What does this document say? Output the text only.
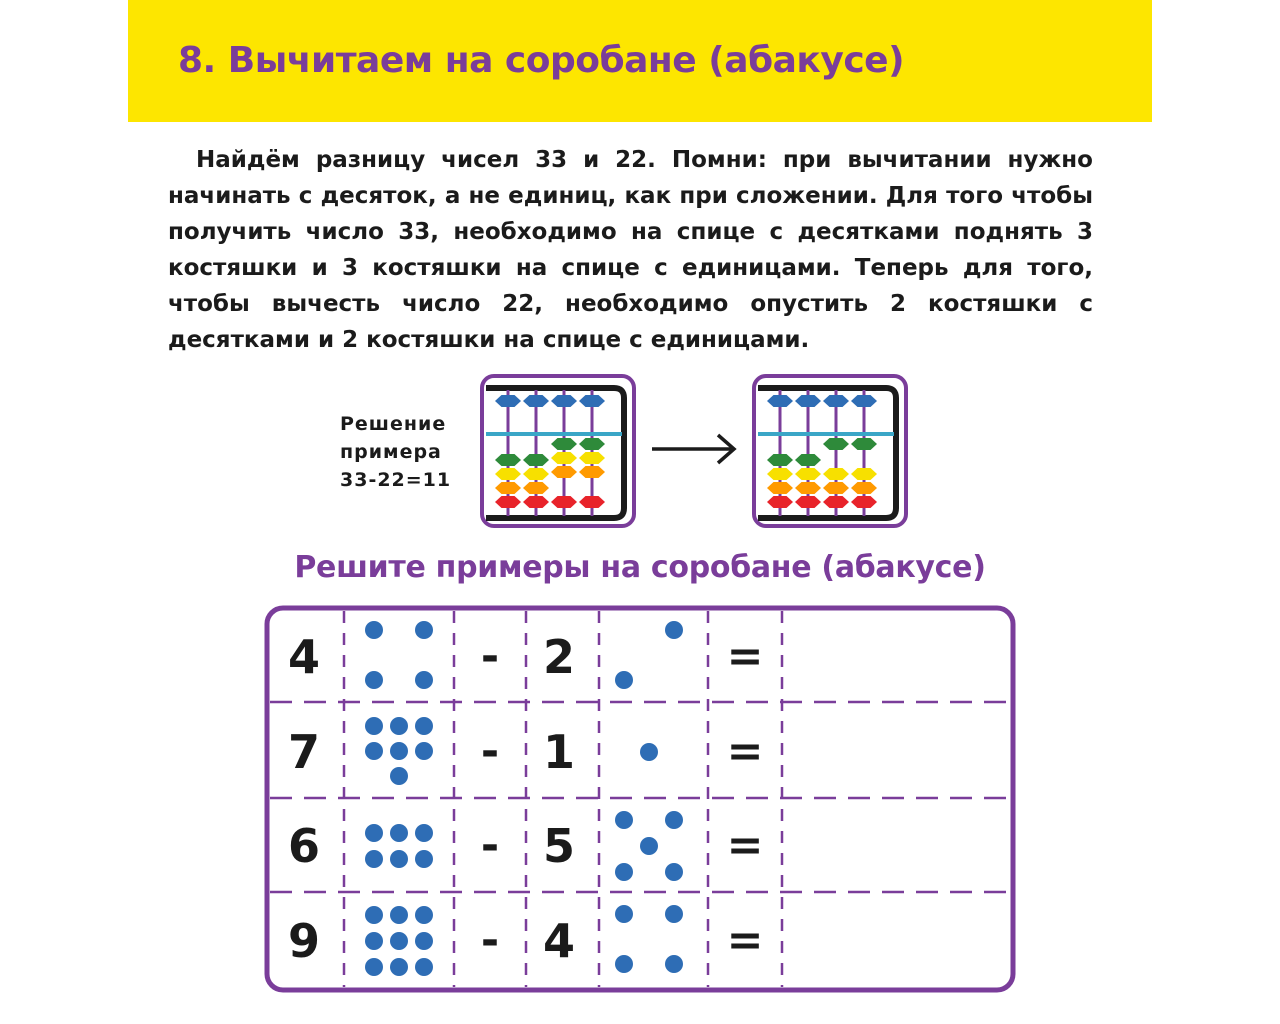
8. Вычитаем на соробане (абакусе)

Найдём разницу чисел 33 и 22. Помни: при вычитании нужно начинать с десяток, а не единиц, как при сложении. Для того чтобы получить число 33, необходимо на спице с десятками поднять 3 костяшки и 3 костяшки на спице с единицами. Теперь для того, чтобы вычесть число 22, необходимо опустить 2 костяшки с десятками и 2 костяшки на спице с единицами.

Решение
примера
33-22=11
Решите примеры на соробане (абакусе)
4	- 2	=
7	- 1	=
6	- 5	=
9	- 4	=
